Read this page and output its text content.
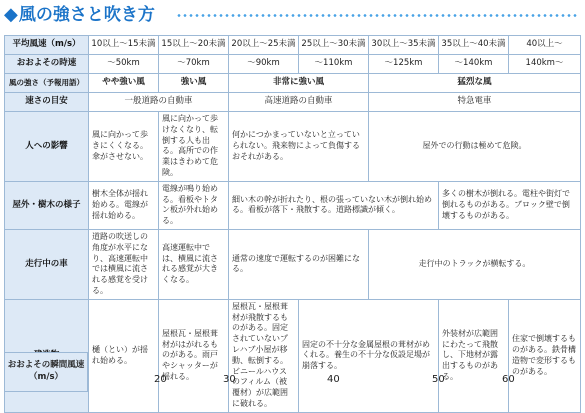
◆ 風の強さと吹き方
平均風速（m/s）	10以上～15未満	15以上～20未満	20以上～25未満	25以上～30未満	30以上～35未満	35以上～40未満	40以上～
おおよその時速	～50km	～70km	～90km	～110km	～125km	～140km	140km～
風の強さ（予報用語）	やや強い風	強い風	非常に強い風		猛烈な風		
速さの目安	一般道路の自動車		高速道路の自動車		特急電車		
人への影響	風に向かって歩きにくくなる。傘がさせない。	風に向かって歩けなくなり、転倒する人も出る。高所での作業はきわめて危険。	何かにつかまっていないと立っていられない。飛来物によって負傷するおそれがある。		屋外での行動は極めて危険。		
屋外・樹木の様子	樹木全体が揺れ始める。電線が揺れ始める。	電線が鳴り始める。看板やトタン板が外れ始める。	細い木の幹が折れたり、根の張っていない木が倒れ始める。看板が落下・飛散する。道路標識が傾く。			多くの樹木が倒れる。電柱や街灯で倒れるものがある。ブロック壁で倒壊するものがある。	
走行中の車	道路の吹送しの角度が水平になり、高速運転中では横風に流される感覚を受ける。	高速運転中では、横風に流される感覚が大きくなる。	通常の速度で運転するのが困難になる。		走行中のトラックが横転する。		
	樋（とい）が揺れ始める。	屋根瓦・屋根葺材がはがれるものがある。雨戸やシャッターが揺れる。	屋根瓦・屋根葺材が飛散するものがある。固定されていないプレハブ小屋が移動、転倒する。ビニールハウスのフィルム（被覆材）が広範囲に破れる。	固定の不十分な金属屋根の葺材がめくれる。養生の不十分な仮設足場が崩落する。		外装材が広範囲にわたって飛散し、下地材が露出するものがある。	住家で倒壊するものがある。鉄骨構造物で変形するものがある。
おおよその瞬間風速（m/s）	20	30	40	50	60
